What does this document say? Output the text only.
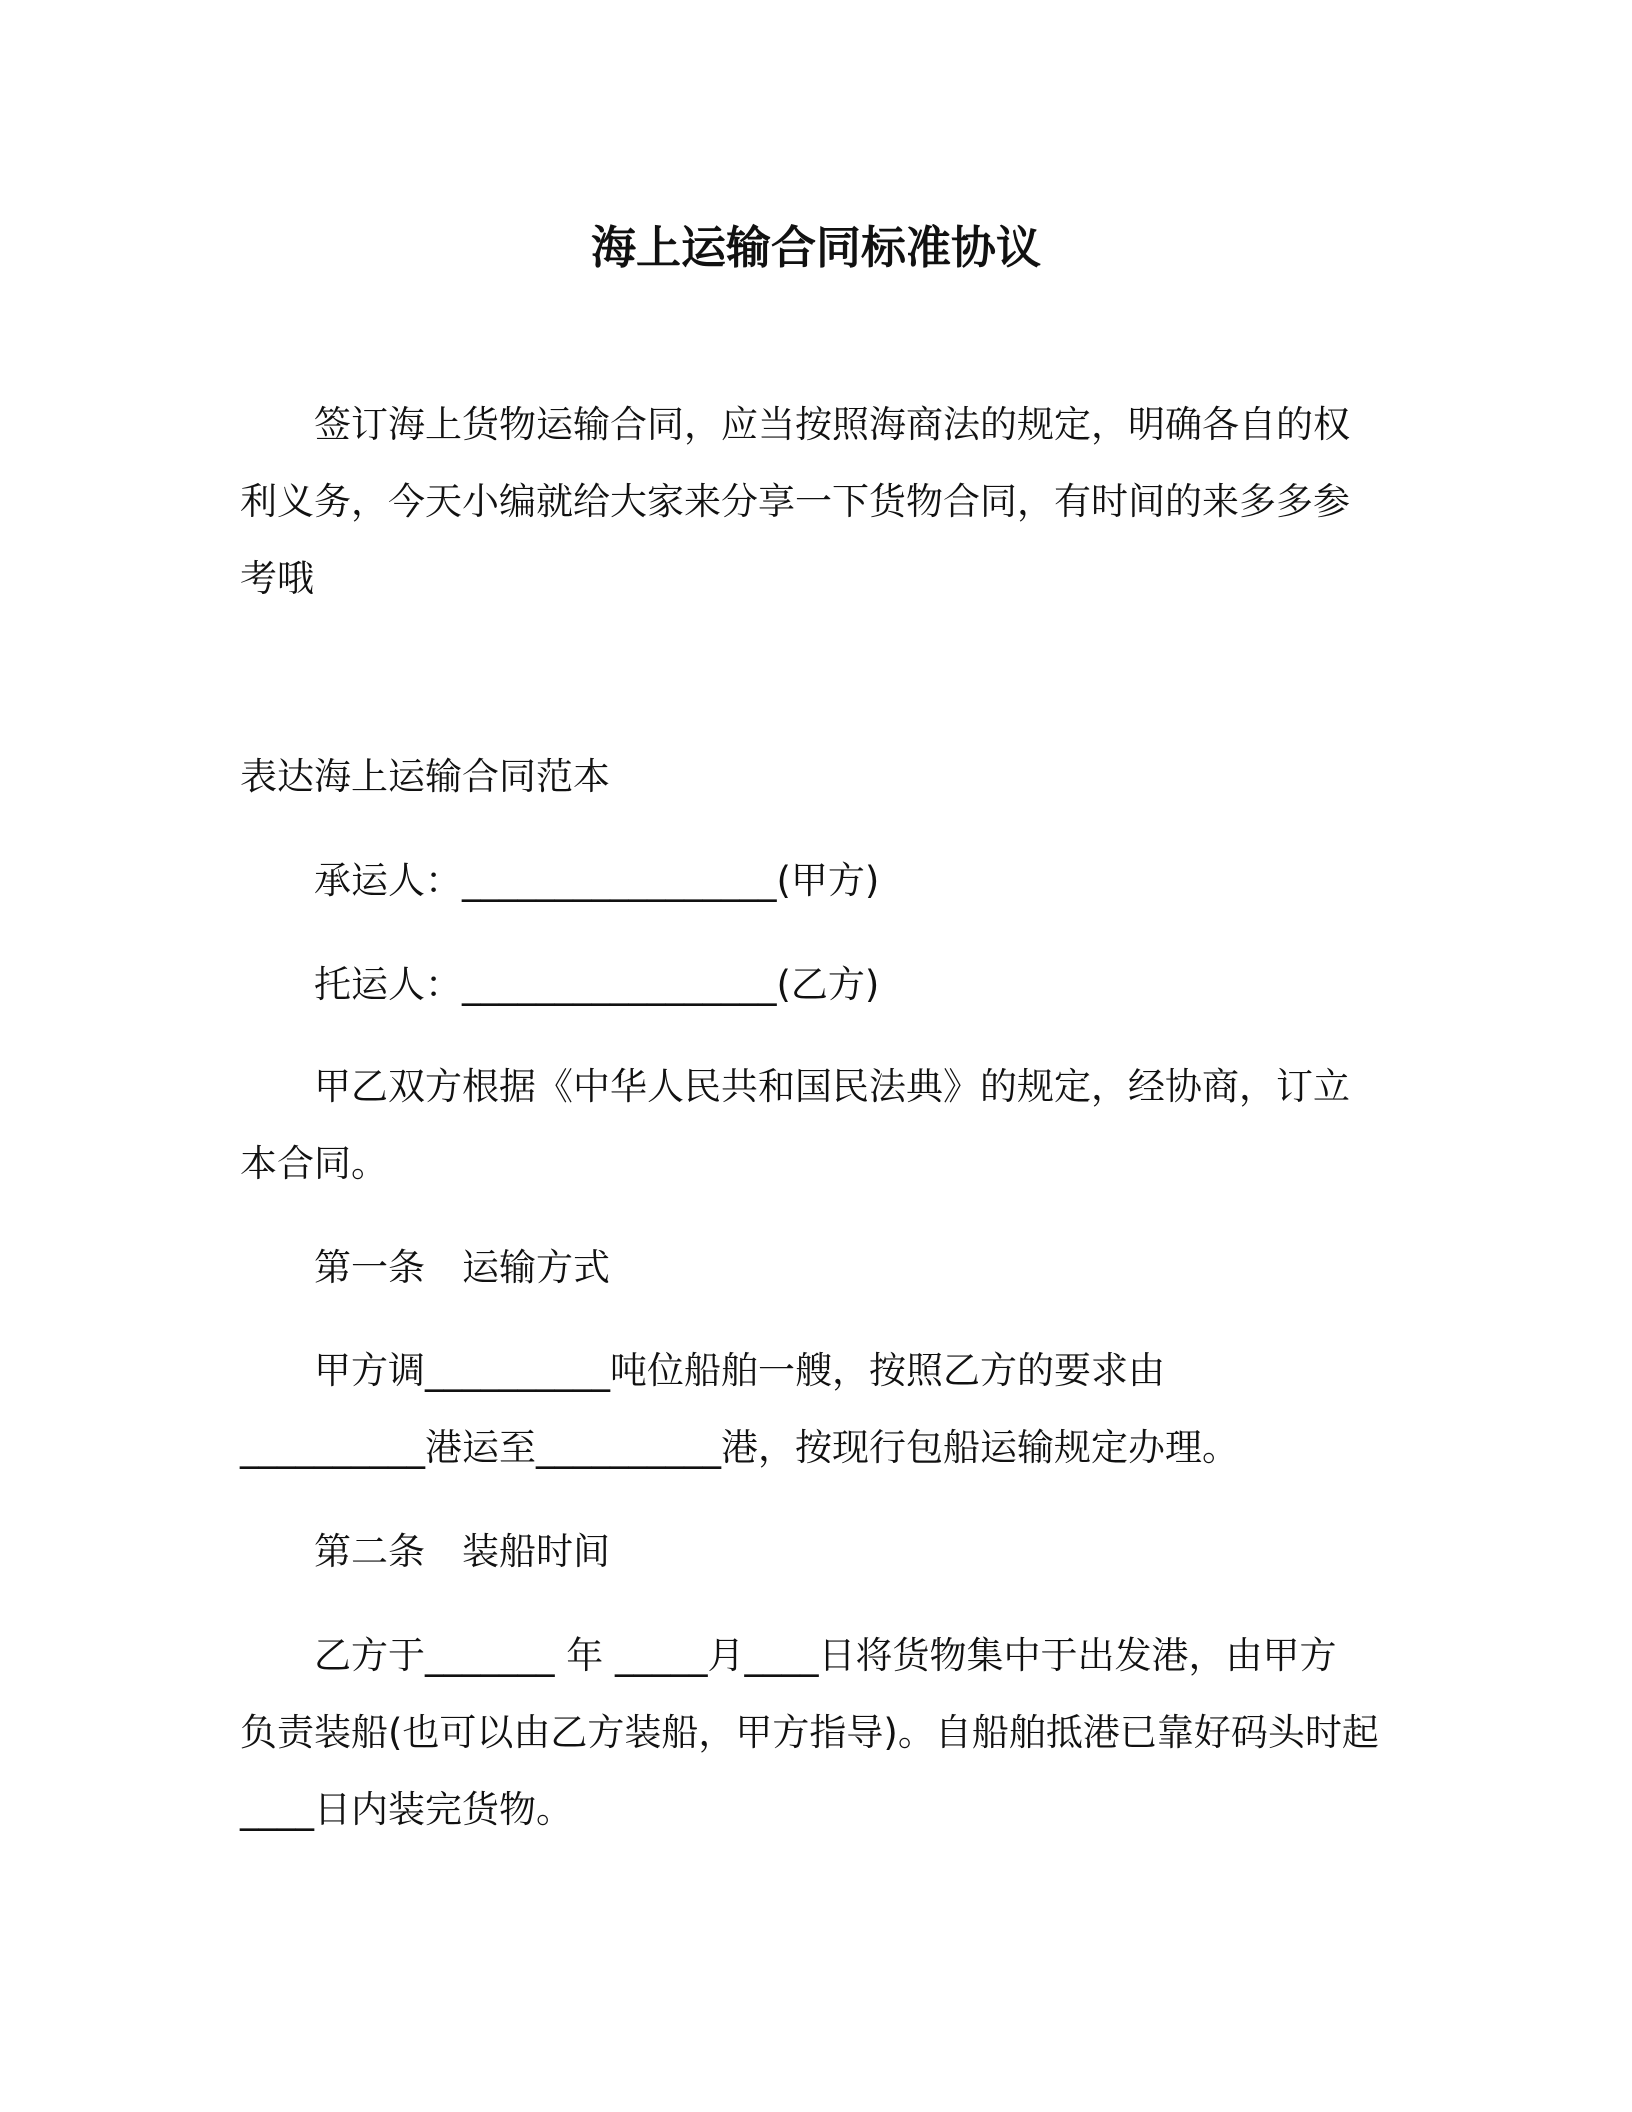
海上运输合同标准协议
签订海上货物运输合同，应当按照海商法的规定，明确各自的权
利义务，今天小编就给大家来分享一下货物合同，有时间的来多多参
考哦
表达海上运输合同范本
承运人：_________________(甲方)
托运人：_________________(乙方)
甲乙双方根据《中华人民共和国民法典》的规定，经协商，订立
本合同。
第一条　运输方式
甲方调__________吨位船舶一艘，按照乙方的要求由
__________港运至__________港，按现行包船运输规定办理。
第二条　装船时间
乙方于_______ 年 _____月____日将货物集中于出发港，由甲方
负责装船(也可以由乙方装船，甲方指导)。自船舶抵港已靠好码头时起
____日内装完货物。
